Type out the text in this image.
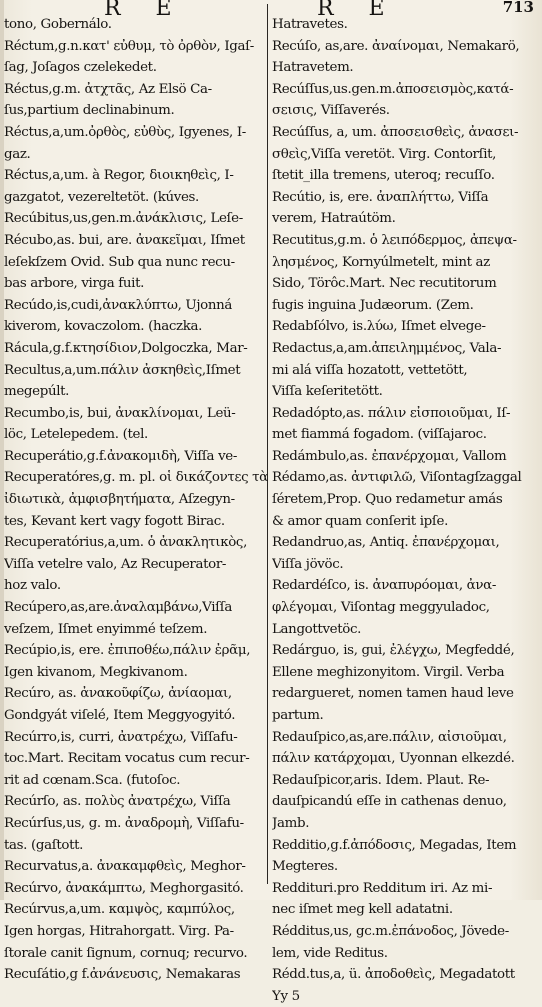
R E	R E	713
tono, Gobernálo.
Réctum,g.n.κατ' εὐθυμ, τὸ ὀρθὸν, Igaſ-
ſag, Joſagos czelekedet.
Réctus,g.m. ἀτχτᾶς, Az Elsö Ca-
ſus,partium declinabinum.
Réctus,a,um.ὀρθὸς, εὐθὺς, Igyenes, I-
gaz.
Réctus,a,um. à Regor, διοικηθεὶς, I-
gazgatot, vezereltetöt. (kúves.
Recúbitus,us,gen.m.ἀνάκλισις, Leſe-
Récubo,as. bui, are. ἀνακεῖμαι, Iſmet
leſekſzem Ovid. Sub qua nunc recu-
bas arbore, virga fuit.
Recúdo,is,cudi,ἀνακλύπτω, Ujonná
kiverom, kovaczolom. (haczka.
Rácula,g.f.κτησίδιον,Dolgoczka, Mar-
Recultus,a,um.πάλιν ἀσκηθεὶς,Iſmet
megepúlt.
Recumbo,is, bui, ἀνακλίνομαι, Leü-
löc, Letelepedem. (tel.
Recuperátio,g.f.ἀνακομιδὴ, Viſſa ve-
Recuperatóres,g. m. pl. οἱ δικάζοντες τὰ
ἰδιωτικὰ, ἀμφισβητήματα, Aſzegyn-
tes, Kevant kert vagy fogott Birac.
Recuperatórius,a,um. ὁ ἀνακλητικὸς,
Viſſa vetelre valo, Az Recuperator-
hoz valo.
Recúpero,as,are.ἀναλαμβάνω,Viſſa
veſzem, Iſmet enyimmé teſzem.
Recúpio,is, ere. ἐπιποθέω,πάλιν ἐρᾶμ,
Igen kivanom, Megkivanom.
Recúro, as. ἀνακοῦφίζω, ἀνίαομαι,
Gondgyát viſelé, Item Meggyogyitó.
Recúrro,is, curri, ἀνατρέχω, Viſſafu-
toc.Mart. Recitam vocatus cum recur-
rit ad cœnam.Sca. (futoſoc.
Recúrſo, as. πολὺς ἀνατρέχω, Viſſa
Recúrſus,us, g. m. ἀναδρομὴ, Viſſafu-
tas. (gaſtott.
Recurvatus,a. ἀνακαμφθεὶς, Meghor-
Recúrvo, ἀνακάμπτω, Meghorgasitó.
Recúrvus,a,um. καμψὸς, καμπύλος,
Igen horgas, Hitrahorgatt. Virg. Pa-
ſtorale canit ſignum, cornuq; recurvo.
Recuſátio,g f.ἀνάνευσις, Nemakaras
Hatravetes.
Recúſo, as,are. ἀναίνομαι, Nemakarö,
Hatravetem.
Recúſſus,us.gen.m.ἀποσεισμὸς,κατά-
σεισις, Viſſaverés.
Recúſſus, a, um. ἀποσεισθεὶς, ἀνασει-
σθεὶς,Viſſa veretöt. Virg. Contorſit,
ſtetit_illa tremens, uteroq; recuſſo.
Recútio, is, ere. ἀναπλήττω, Viſſa
verem, Hatraútöm.
Recutitus,g.m. ὁ λειπόδερμος, ἀπεψα-
λησμένος, Kornyúlmetelt, mint az
Sido, Törôc.Mart. Nec recutitorum
fugis inguina Judæorum. (Zem.
Redabſólvo, is.λύω, Iſmet elvege-
Redactus,a,am.ἀπειλημμένος, Vala-
mi alá viſſa hozatott, vettetött,
Viſſa keſeritetött.
Redadópto,as. πάλιν εἰσποιοῦμαι, Iſ-
met fiammá fogadom. (viſſajaroc.
Redámbulo,as. ἐπανέρχομαι, Vallom
Rédamo,as. ἀντιφιλῶ, Viſontagſzaggal
ſéretem,Prop. Quo redametur amás
& amor quam conſerit ipſe.
Redandruo,as, Antiq. ἐπανέρχομαι,
Viſſa jövöc.
Redardéſco, is. ἀναπυρόομαι, ἀνα-
φλέγομαι, Viſontag meggyuladoc,
Langottvetöc.
Redárguo, is, gui, ἐλέγχω, Megfeddé,
Ellene meghizonyitom. Virgil. Verba
redargueret, nomen tamen haud leve
partum.
Redauſpico,as,are.πάλιν, αἰσιοῦμαι,
πάλιν κατάρχομαι, Uyonnan elkezdé.
Redauſpicor,aris. Idem. Plaut. Re-
dauſpicandú eſſe in cathenas denuo,
Jamb.
Redditio,g.f.ἀπόδοσις, Megadas, Item
Megteres.
Reddituri.pro Redditum iri. Az mi-
nec iſmet meg kell adatatni.
Rédditus,us, gc.m.ἐπάνοδος, Jövede-
lem, vide Reditus.
Rédd.tus,a, ü. ἀποδοθεὶς, Megadatott
Yy 5
